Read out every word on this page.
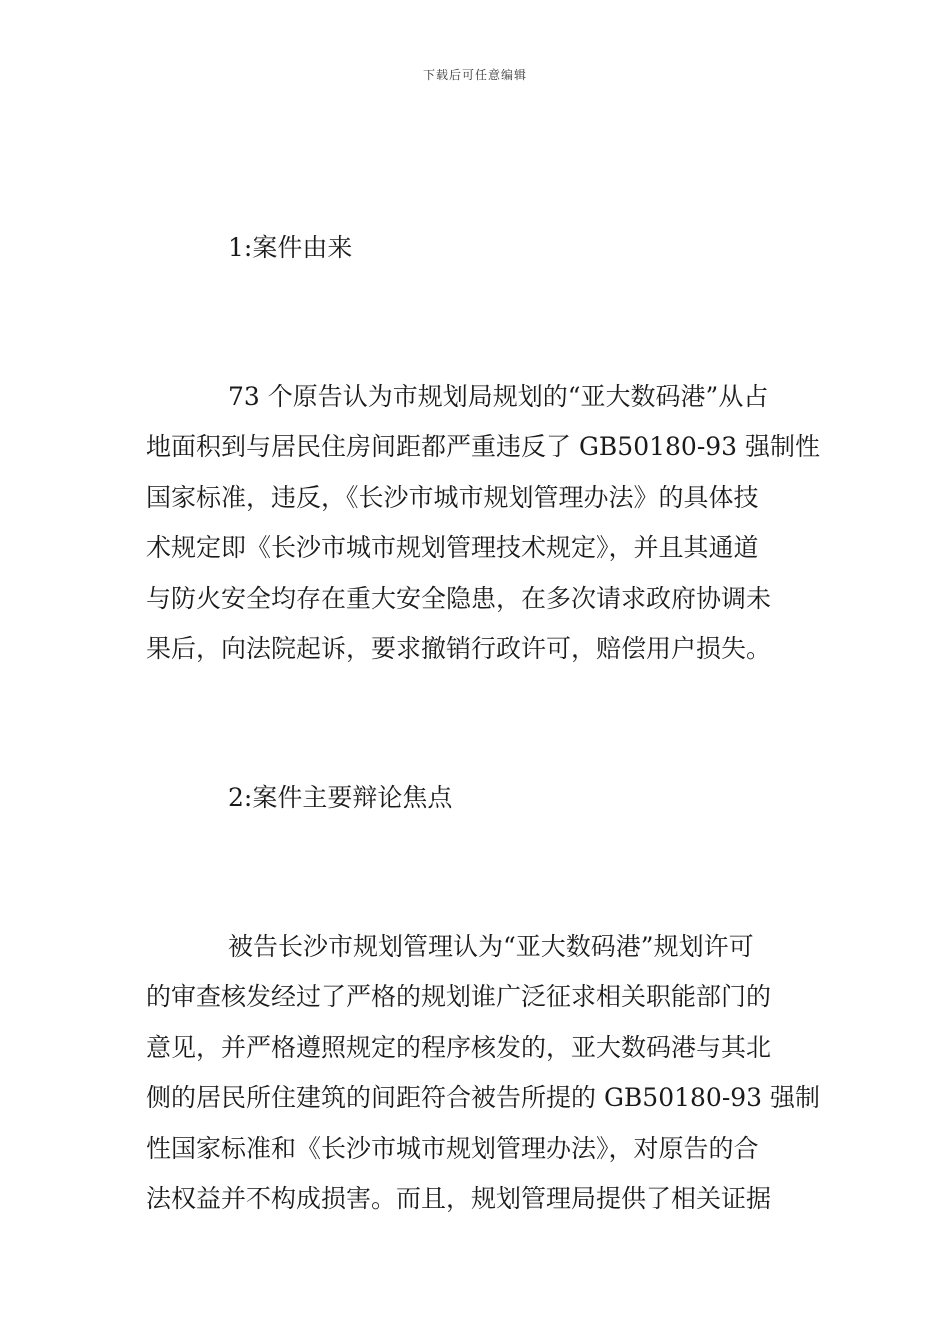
下载后可任意编辑
1:案件由来
73 个原告认为市规划局规划的“亚大数码港”从占
地面积到与居民住房间距都严重违反了 GB50180-93 强制性
国家标准，违反，《长沙市城市规划管理办法》的具体技
术规定即《长沙市城市规划管理技术规定》，并且其通道
与防火安全均存在重大安全隐患，在多次请求政府协调未
果后，向法院起诉，要求撤销行政许可，赔偿用户损失。
2:案件主要辩论焦点
被告长沙市规划管理认为“亚大数码港”规划许可
的审查核发经过了严格的规划谁广泛征求相关职能部门的
意见，并严格遵照规定的程序核发的，亚大数码港与其北
侧的居民所住建筑的间距符合被告所提的 GB50180-93 强制
性国家标准和《长沙市城市规划管理办法》，对原告的合
法权益并不构成损害。而且，规划管理局提供了相关证据
